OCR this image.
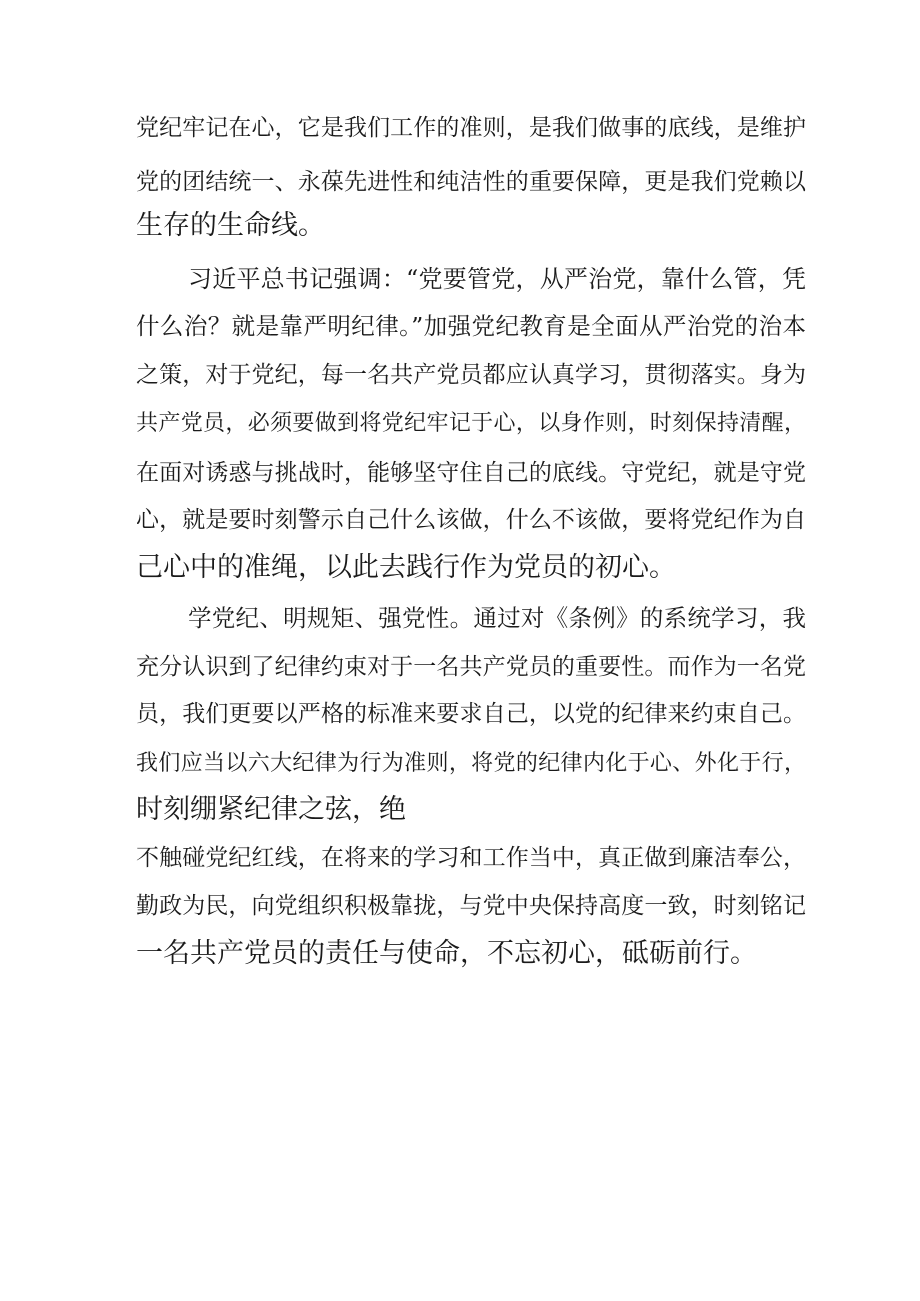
党纪牢记在心，它是我们工作的准则，是我们做事的底线，是维护
党的团结统一、永葆先进性和纯洁性的重要保障，更是我们党赖以
生存的生命线。
习近平总书记强调：“党要管党，从严治党，靠什么管，凭
什么治？就是靠严明纪律。”加强党纪教育是全面从严治党的治本
之策，对于党纪，每一名共产党员都应认真学习，贯彻落实。身为
共产党员，必须要做到将党纪牢记于心，以身作则，时刻保持清醒，
在面对诱惑与挑战时，能够坚守住自己的底线。守党纪，就是守党
心，就是要时刻警示自己什么该做，什么不该做，要将党纪作为自
己心中的准绳，以此去践行作为党员的初心。
学党纪、明规矩、强党性。通过对《条例》的系统学习，我
充分认识到了纪律约束对于一名共产党员的重要性。而作为一名党
员，我们更要以严格的标准来要求自己，以党的纪律来约束自己。
我们应当以六大纪律为行为准则，将党的纪律内化于心、外化于行，
时刻绷紧纪律之弦，绝
不触碰党纪红线，在将来的学习和工作当中，真正做到廉洁奉公，
勤政为民，向党组织积极靠拢，与党中央保持高度一致，时刻铭记
一名共产党员的责任与使命，不忘初心，砥砺前行。
